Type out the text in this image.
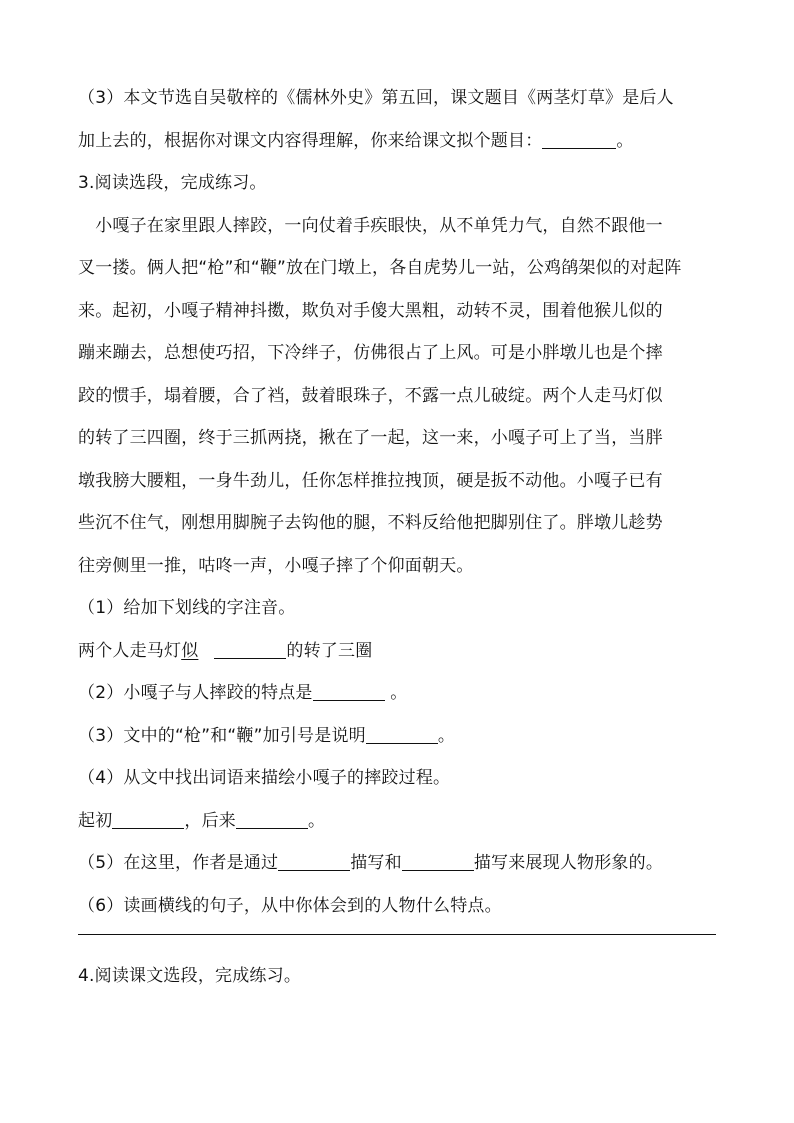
（3）本文节选自吴敬梓的《儒林外史》第五回，课文题目《两茎灯草》是后人
加上去的，根据你对课文内容得理解，你来给课文拟个题目：	。
3.阅读选段，完成练习。
　小嘎子在家里跟人摔跤，一向仗着手疾眼快，从不单凭力气，自然不跟他一
叉一搂。俩人把“枪”和“鞭”放在门墩上，各自虎势儿一站，公鸡鹐架似的对起阵
来。起初，小嘎子精神抖擞，欺负对手傻大黑粗，动转不灵，围着他猴儿似的
蹦来蹦去，总想使巧招，下冷绊子，仿佛很占了上风。可是小胖墩儿也是个摔
跤的惯手，塌着腰，合了裆，鼓着眼珠子，不露一点儿破绽。两个人走马灯似
的转了三四圈，终于三抓两挠，揪在了一起，这一来，小嘎子可上了当，当胖
墩我膀大腰粗，一身牛劲儿，任你怎样推拉拽顶，硬是扳不动他。小嘎子已有
些沉不住气，刚想用脚腕子去钩他的腿，不料反给他把脚别住了。胖墩儿趁势
往旁侧里一推，咕咚一声，小嘎子摔了个仰面朝天。
（1）给加下划线的字注音。
两个人走马灯似	的转了三圈
（2）小嘎子与人摔跤的特点是	。
（3）文中的“枪”和“鞭”加引号是说明	。
（4）从文中找出词语来描绘小嘎子的摔跤过程。
起初	，后来	。
（5）在这里，作者是通过	描写和	描写来展现人物形象的。
（6）读画横线的句子，从中你体会到的人物什么特点。
4.阅读课文选段，完成练习。
